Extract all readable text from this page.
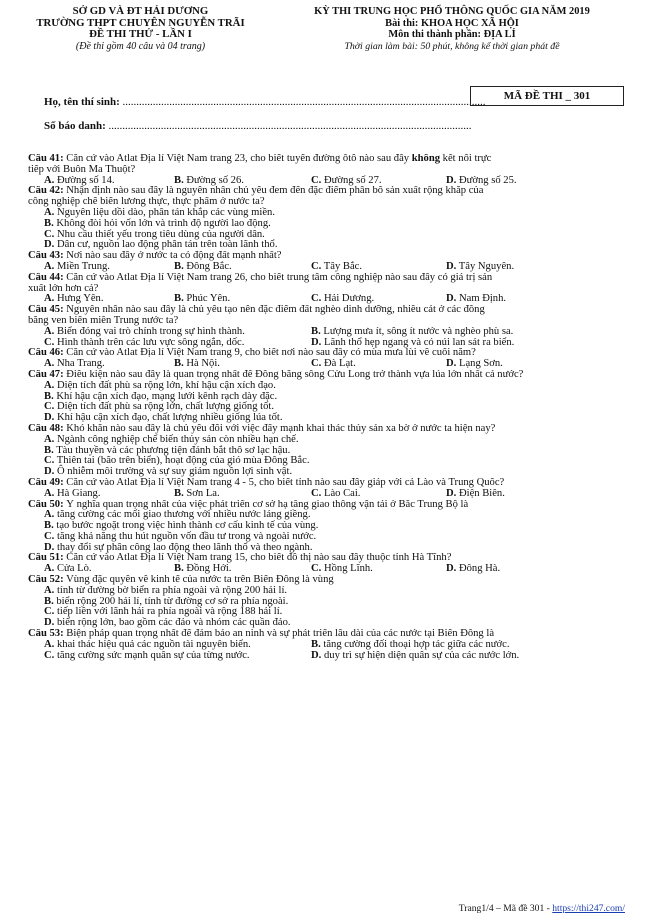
SỞ GD VÀ ĐT HẢI DƯƠNG
TRƯỜNG THPT CHUYÊN NGUYỄN TRÃI
ĐỀ THI THỬ - LẦN I
(Đề thi gồm 40 câu và 04 trang)
KỲ THI TRUNG HỌC PHỔ THÔNG QUỐC GIA NĂM 2019
Bài thi: KHOA HỌC XÃ HỘI
Môn thi thành phần: ĐỊA LÍ
Thời gian làm bài: 50 phút, không kể thời gian phát đề
Họ, tên thí sinh: ....................................................................................................................................
Số báo danh: ....................................................................................................................................
MÃ ĐỀ THI _ 301
Câu 41: Căn cứ vào Atlat Địa lí Việt Nam trang 23, cho biết tuyến đường ôtô nào sau đây không kết nối trực
tiếp với Buôn Ma Thuột?
A. Đường số 14.	B. Đường số 26.	C. Đường số 27.	D. Đường số 25.
Câu 42: Nhận định nào sau đây là nguyên nhân chủ yếu đem đến đặc điểm phân bố sản xuất rộng khắp của
công nghiệp chế biến lương thực, thực phẩm ở nước ta?
A. Nguyên liệu dồi dào, phân tán khắp các vùng miền.
B. Không đòi hỏi vốn lớn và trình độ người lao động.
C. Nhu cầu thiết yếu trong tiêu dùng của người dân.
D. Dân cư, nguồn lao động phân tán trên toàn lãnh thổ.
Câu 43: Nơi nào sau đây ở nước ta có động đất mạnh nhất?
A. Miền Trung.	B. Đông Bắc.	C. Tây Bắc.	D. Tây Nguyên.
Câu 44: Căn cứ vào Atlat Địa lí Việt Nam trang 26, cho biết trung tâm công nghiệp nào sau đây có giá trị sản
xuất lớn hơn cả?
A. Hưng Yên.	B. Phúc Yên.	C. Hải Dương.	D. Nam Định.
Câu 45: Nguyên nhân nào sau đây là chủ yếu tạo nên đặc điểm đất nghèo dinh dưỡng, nhiều cát ở các đồng
bằng ven biển miền Trung nước ta?
A. Biển đóng vai trò chính trong sự hình thành.	B. Lượng mưa ít, sông ít nước và nghèo phù sa.
C. Hình thành trên các lưu vực sông ngắn, dốc.	D. Lãnh thổ hẹp ngang và có núi lan sát ra biển.
Câu 46: Căn cứ vào Atlat Địa lí Việt Nam trang 9, cho biết nơi nào sau đây có mùa mưa lùi về cuối năm?
A. Nha Trang.	B. Hà Nội.	C. Đà Lạt.	D. Lạng Sơn.
Câu 47: Điều kiện nào sau đây là quan trọng nhất để Đồng bằng sông Cửu Long trở thành vựa lúa lớn nhất cả nước?
A. Diện tích đất phù sa rộng lớn, khí hậu cận xích đạo.
B. Khí hậu cận xích đạo, mạng lưới kênh rạch dày đặc.
C. Diện tích đất phù sa rộng lớn, chất lượng giống tốt.
D. Khí hậu cận xích đạo, chất lượng nhiều giống lúa tốt.
Câu 48: Khó khăn nào sau đây là chủ yếu đối với việc đẩy mạnh khai thác thủy sản xa bờ ở nước ta hiện nay?
A. Ngành công nghiệp chế biến thủy sản còn nhiều hạn chế.
B. Tàu thuyền và các phương tiện đánh bắt thô sơ lạc hậu.
C. Thiên tai (bão trên biển), hoạt động của gió mùa Đông Bắc.
D. Ô nhiễm môi trường và sự suy giảm nguồn lợi sinh vật.
Câu 49: Căn cứ vào Atlat Địa lí Việt Nam trang 4 - 5, cho biết tỉnh nào sau đây giáp với cả Lào và Trung Quốc?
A. Hà Giang.	B. Sơn La.	C. Lào Cai.	D. Điện Biên.
Câu 50: Ý nghĩa quan trọng nhất của việc phát triển cơ sở hạ tầng giao thông vận tải ở Bắc Trung Bộ là
A. tăng cường các mối giao thương với nhiều nước láng giềng.
B. tạo bước ngoặt trong việc hình thành cơ cấu kinh tế của vùng.
C. tăng khả năng thu hút nguồn vốn đầu tư trong và ngoài nước.
D. thay đổi sự phân công lao động theo lãnh thổ và theo ngành.
Câu 51: Căn cứ vào Atlat Địa lí Việt Nam trang 15, cho biết đô thị nào sau đây thuộc tỉnh Hà Tĩnh?
A. Cửa Lò.	B. Đồng Hới.	C. Hồng Lĩnh.	D. Đông Hà.
Câu 52: Vùng đặc quyền về kinh tế của nước ta trên Biển Đông là vùng
A. tính từ đường bờ biển ra phía ngoài và rộng 200 hải lí.
B. biển rộng 200 hải lí, tính từ đường cơ sở ra phía ngoài.
C. tiếp liền với lãnh hải ra phía ngoài và rộng 188 hải lí.
D. biển rộng lớn, bao gồm các đảo và nhóm các quần đảo.
Câu 53: Biện pháp quan trọng nhất để đảm bảo an ninh và sự phát triển lâu dài của các nước tại Biển Đông là
A. khai thác hiệu quả các nguồn tài nguyên biển.	B. tăng cường đối thoại hợp tác giữa các nước.
C. tăng cường sức mạnh quân sự của từng nước.	D. duy trì sự hiện diện quân sự của các nước lớn.
Trang1/4 – Mã đề 301 - https://thi247.com/
